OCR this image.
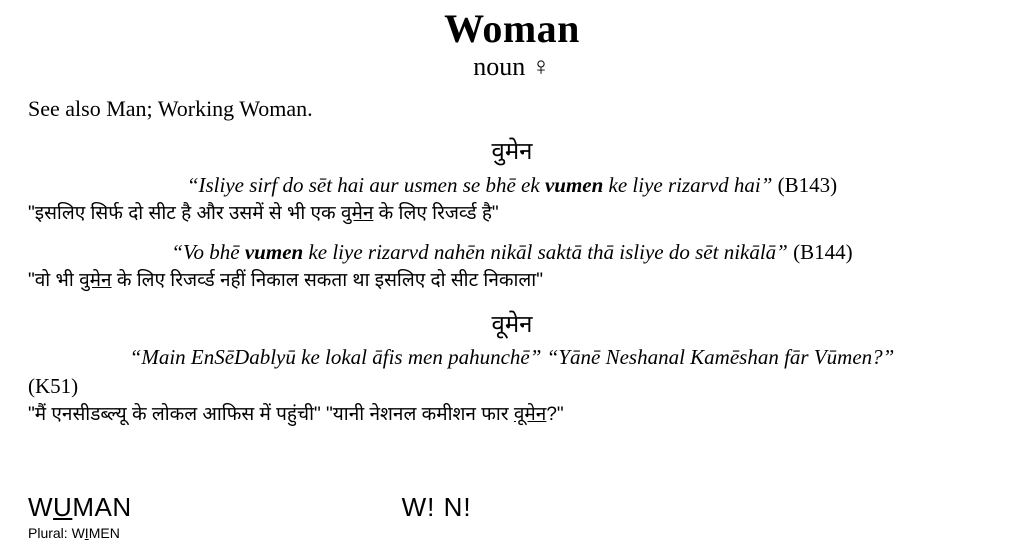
Woman
noun ♀
See also Man; Working Woman.
वुमेन
“Isliye sirf do sēt hai aur usmen se bhē ek vumen ke liye rizarvd hai” (B143)
"इसलिए सिर्फ दो सीट है और उसमें से भी एक वुमेन के लिए रिजर्व्ड है"
“Vo bhē vumen ke liye rizarvd nahēn nikāl saktā thā isliye do sēt nikālā” (B144)
"वो भी वुमेन के लिए रिजर्व्ड नहीं निकाल सकता था इसलिए दो सीट निकाला"
वूमेन
“Main EnSēDablyū ke lokal āfis men pahunchē” “Yānē Neshanal Kamēshan fār Vūmen?”
(K51)
"मैं एनसीडब्ल्यू के लोकल आफिस में पहुंची" "यानी नेशनल कमीशन फार वूमेन?"
WUMAN	W! N!
Plural: WIMEN
